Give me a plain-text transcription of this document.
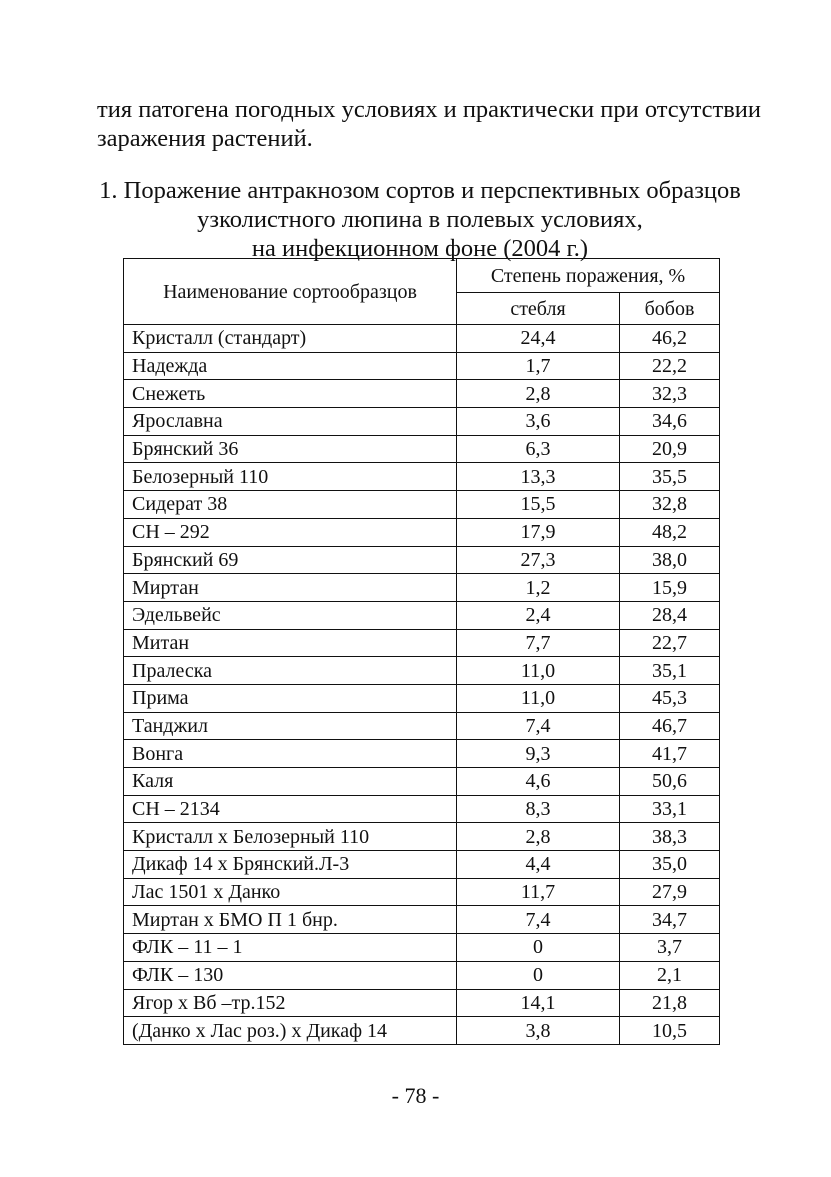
тия патогена погодных условиях и практически при отсутствии
заражения растений.

1. Поражение антракнозом сортов и перспективных образцов
узколистного люпина в полевых условиях,
на инфекционном фоне (2004 г.)

Наименование сортообразцов	Степень поражения, %	
	стебля	бобов
Кристалл (стандарт)	24,4	46,2
Надежда	1,7	22,2
Снежеть	2,8	32,3
Ярославна	3,6	34,6
Брянский 36	6,3	20,9
Белозерный 110	13,3	35,5
Сидерат 38	15,5	32,8
СН – 292	17,9	48,2
Брянский 69	27,3	38,0
Миртан	1,2	15,9
Эдельвейс	2,4	28,4
Митан	7,7	22,7
Пралеска	11,0	35,1
Прима	11,0	45,3
Танджил	7,4	46,7
Вонга	9,3	41,7
Каля	4,6	50,6
СН – 2134	8,3	33,1
Кристалл х Белозерный 110	2,8	38,3
Дикаф 14 х Брянский.Л-3	4,4	35,0
Лас 1501 х Данко	11,7	27,9
Миртан х БМО П 1 бнр.	7,4	34,7
ФЛК – 11 – 1	0	3,7
ФЛК – 130	0	2,1
Ягор х Вб –тр.152	14,1	21,8
(Данко х Лас роз.) х Дикаф 14	3,8	10,5

- 78 -
